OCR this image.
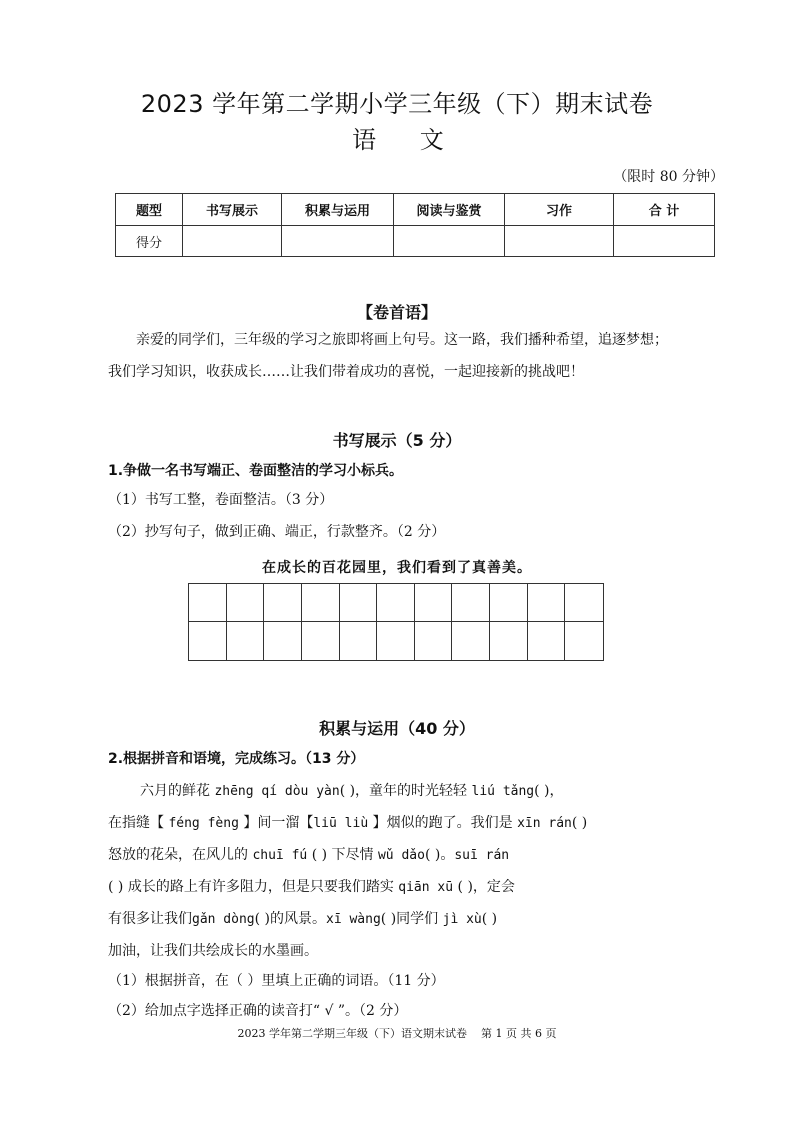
2023 学年第二学期小学三年级（下）期末试卷
语 文
（限时 80 分钟）
题型	书写展示	积累与运用	阅读与鉴赏	习作	合 计
得分					
【卷首语】
亲爱的同学们，三年级的学习之旅即将画上句号。这一路，我们播种希望，追逐梦想；
我们学习知识，收获成长……让我们带着成功的喜悦，一起迎接新的挑战吧！
书写展示（5 分）
1.争做一名书写端正、卷面整洁的学习小标兵。
（1）书写工整，卷面整洁。（3 分）
（2）抄写句子，做到正确、端正，行款整齐。（2 分）
在成长的百花园里，我们看到了真善美。
积累与运用（40 分）
2.根据拼音和语境，完成练习。（13 分）
六月的鲜花 zhēng qí dòu yàn( )，童年的时光轻轻 liú tǎng( )，
在指缝【 féng fèng 】间一溜【liū liù 】烟似的跑了。我们是 xīn rán( )
怒放的花朵，在风儿的 chuī fú ( ) 下尽情 wǔ dǎo( )。suī rán
( ) 成长的路上有许多阻力，但是只要我们踏实 qiān xū ( )，定会
有很多让我们gǎn dòng( )的风景。xī wàng( )同学们 jì xù( )
加油，让我们共绘成长的水墨画。
（1）根据拼音，在（ ）里填上正确的词语。（11 分）
（2）给加点字选择正确的读音打“ √ ”。（2 分）
2023 学年第二学期三年级（下）语文期末试卷 第 1 页 共 6 页
